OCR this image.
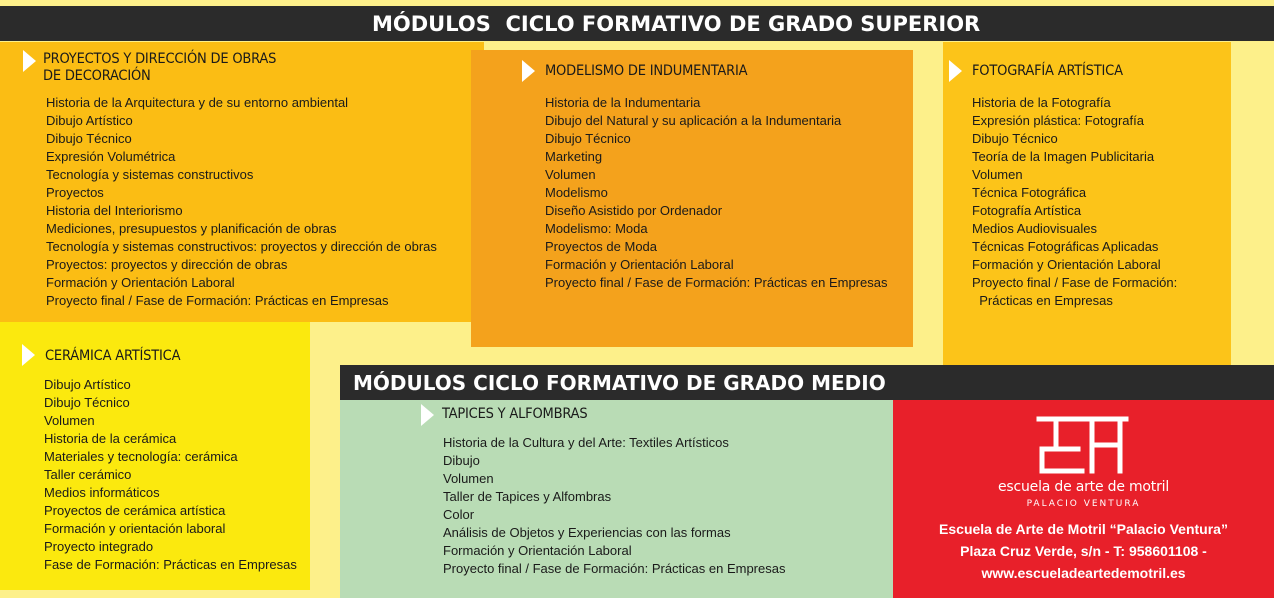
MÓDULOS  CICLO FORMATIVO DE GRADO SUPERIOR
PROYECTOS Y DIRECCIÓN DE OBRAS
DE DECORACIÓN
Historia de la Arquitectura y de su entorno ambiental
Dibujo Artístico
Dibujo Técnico
Expresión Volumétrica
Tecnología y sistemas constructivos
Proyectos
Historia del Interiorismo
Mediciones, presupuestos y planificación de obras
Tecnología y sistemas constructivos: proyectos y dirección de obras
Proyectos: proyectos y dirección de obras
Formación y Orientación Laboral
Proyecto final / Fase de Formación: Prácticas en Empresas
MODELISMO DE INDUMENTARIA
Historia de la Indumentaria
Dibujo del Natural y su aplicación a la Indumentaria
Dibujo Técnico
Marketing
Volumen
Modelismo
Diseño Asistido por Ordenador
Modelismo: Moda
Proyectos de Moda
Formación y Orientación Laboral
Proyecto final / Fase de Formación: Prácticas en Empresas
FOTOGRAFÍA ARTÍSTICA
Historia de la Fotografía
Expresión plástica: Fotografía
Dibujo Técnico
Teoría de la Imagen Publicitaria
Volumen
Técnica Fotográfica
Fotografía Artística
Medios Audiovisuales
Técnicas Fotográficas Aplicadas
Formación y Orientación Laboral
Proyecto final / Fase de Formación:
Prácticas en Empresas
CERÁMICA ARTÍSTICA
Dibujo Artístico
Dibujo Técnico
Volumen
Historia de la cerámica
Materiales y tecnología: cerámica
Taller cerámico
Medios informáticos
Proyectos de cerámica artística
Formación y orientación laboral
Proyecto integrado
Fase de Formación: Prácticas en Empresas
MÓDULOS CICLO FORMATIVO DE GRADO MEDIO
TAPICES Y ALFOMBRAS
Historia de la Cultura y del Arte: Textiles Artísticos
Dibujo
Volumen
Taller de Tapices y Alfombras
Color
Análisis de Objetos y Experiencias con las formas
Formación y Orientación Laboral
Proyecto final / Fase de Formación: Prácticas en Empresas
escuela de arte de motril
PALACIO VENTURA
Escuela de Arte de Motril “Palacio Ventura”
Plaza Cruz Verde, s/n - T: 958601108 -
www.escueladeartedemotril.es
